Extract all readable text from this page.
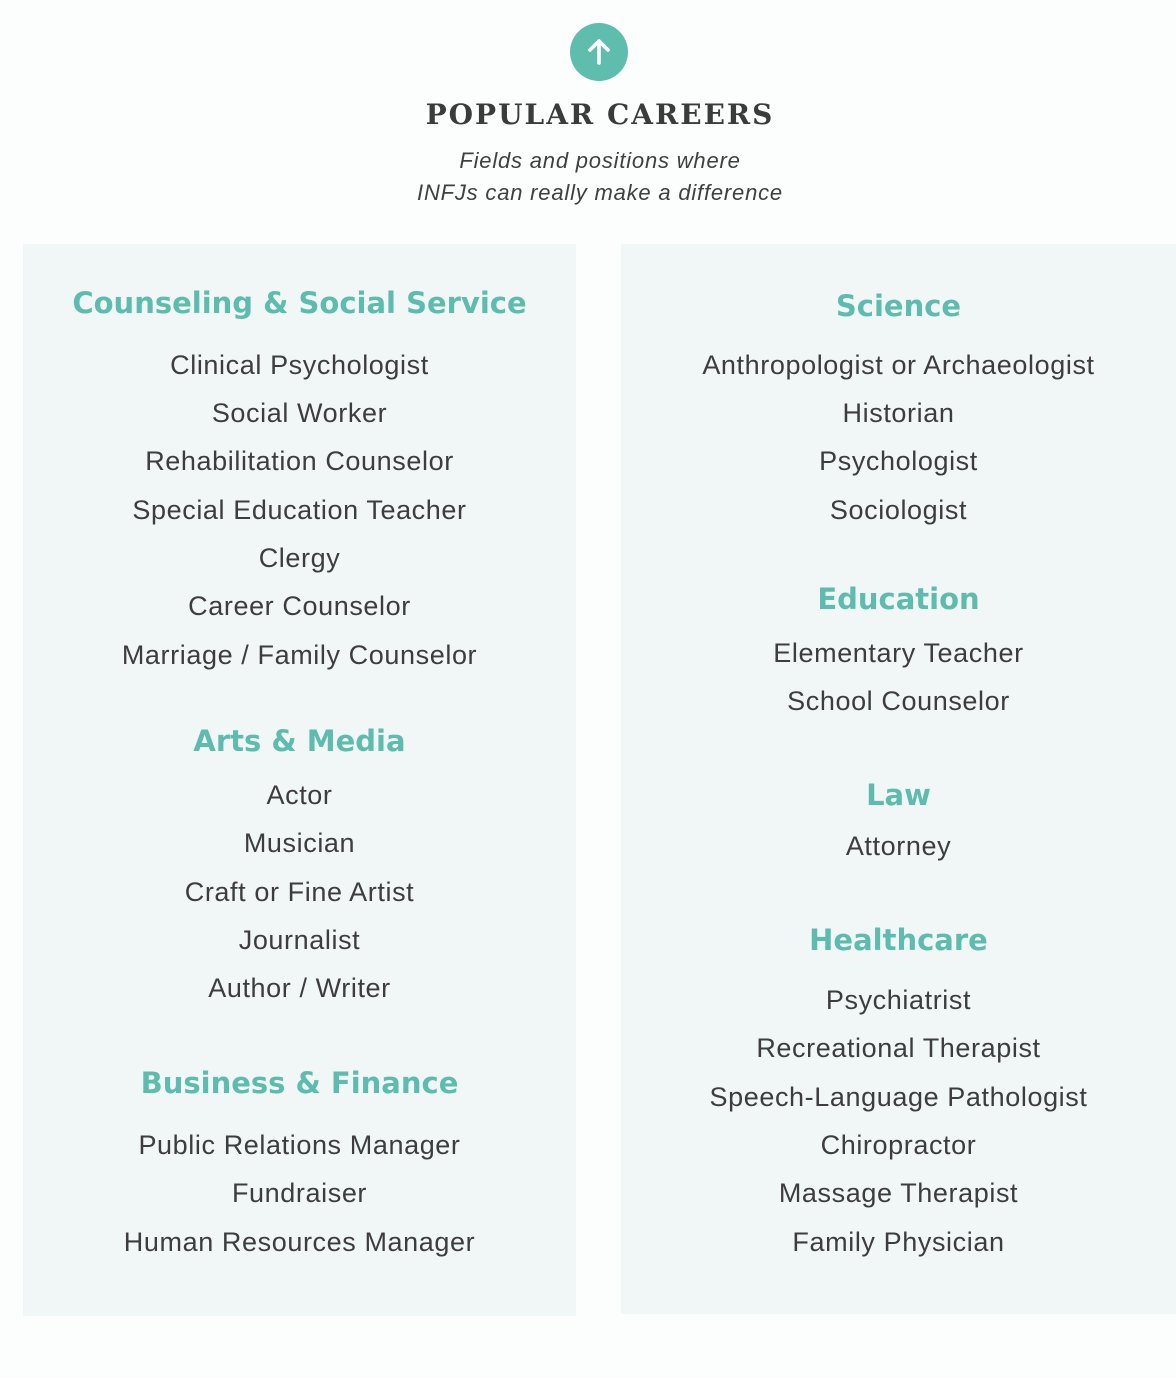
POPULAR CAREERS

Fields and positions where

INFJs can really make a difference

Counseling & Social Service
Clinical Psychologist
Social Worker
Rehabilitation Counselor
Special Education Teacher
Clergy
Career Counselor
Marriage / Family Counselor
Arts & Media
Actor
Musician
Craft or Fine Artist
Journalist
Author / Writer
Business & Finance
Public Relations Manager
Fundraiser
Human Resources Manager
Science
Anthropologist or Archaeologist
Historian
Psychologist
Sociologist
Education
Elementary Teacher
School Counselor
Law
Attorney
Healthcare
Psychiatrist
Recreational Therapist
Speech-Language Pathologist
Chiropractor
Massage Therapist
Family Physician
